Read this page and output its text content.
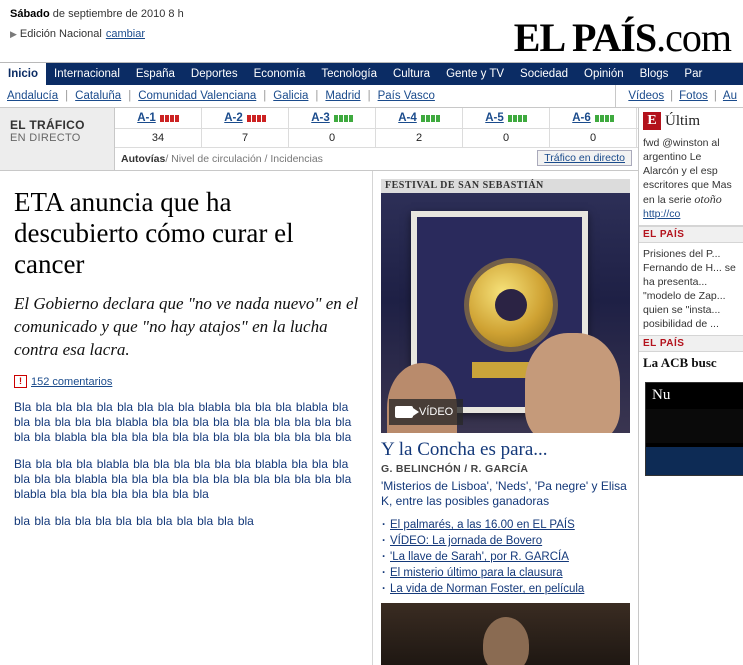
Sábado de septiembre de 2010 8 h
▶ Edición Nacional cambiar	EL PAÍS.com
Inicio	Internacional	España	Deportes	Economía	Tecnología	Cultura	Gente y TV	Sociedad	Opinión	Blogs	Par
Andalucía | Cataluña | Comunidad Valenciana | Galicia | Madrid | País Vasco	Vídeos | Fotos | Au
EL TRÁFICO
EN DIRECTO
A-1	A-2	A-3	A-4	A-5	A-6
34	7	0	2	0	0
Autovías / Nivel de circulación / Incidencias	Tráfico en directo
ETA anuncia que ha descubierto cómo curar el cancer

El Gobierno declara que "no ve nada nuevo" en el comunicado y que "no hay atajos" en la lucha contra esa lacra.

! 152 comentarios

Bla bla bla bla bla bla bla bla bla blabla bla bla bla blabla bla bla bla bla bla bla blabla bla bla bla bla bla bla bla bla bla bla bla bla blabla bla bla bla bla bla bla bla bla bla bla bla bla bla

Bla bla bla bla blabla bla bla bla bla bla bla blabla bla bla bla bla bla bla blabla bla bla bla bla bla bla bla bla bla bla bla bla blabla bla bla bla bla bla bla bla bla

bla bla bla bla bla bla bla bla bla bla bla bla

FESTIVAL DE SAN SEBASTIÁN
VÍDEO
Y la Concha es para...
G. BELINCHÓN / R. GARCÍA
'Misterios de Lisboa', 'Neds', 'Pa negre' y Elisa K, entre las posibles ganadoras
· El palmarés, a las 16.00 en EL PAÍS
· VÍDEO: La jornada de Bovero
· 'La llave de Sarah', por R. GARCÍA
· El misterio último para la clausura
· La vida de Norman Foster, en película
E Últim
fwd @winston al argentino Le Alarcón y el esp escritores que Mas en la serie otoño http://co
EL PAÍS
Prisiones del P... Fernando de H... se ha presenta... "modelo de Zap... quien se "insta... posibilidad de ...
EL PAÍS
La ACB busc
Nu
